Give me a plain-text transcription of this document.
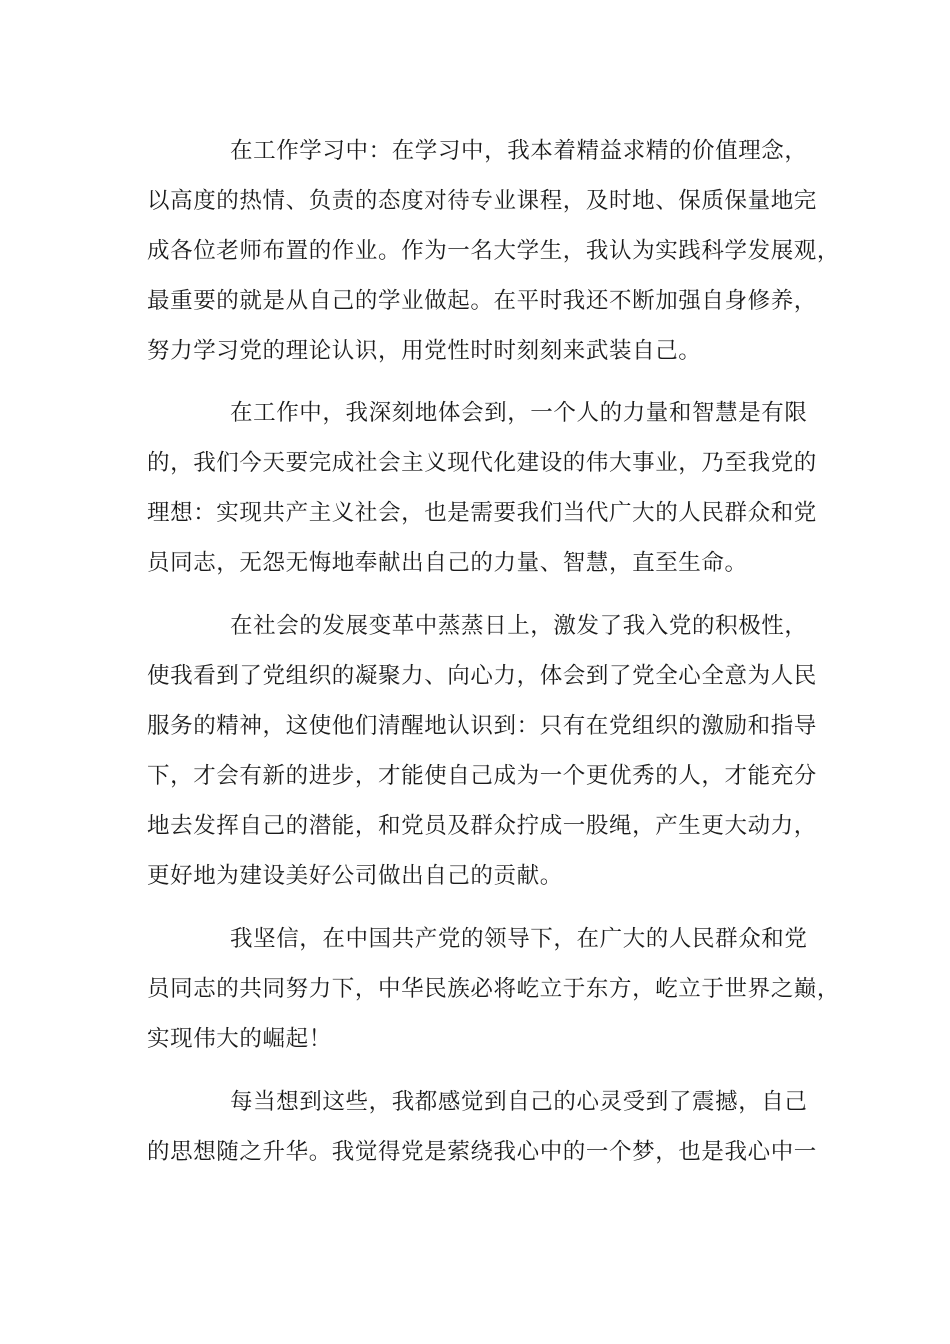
在工作学习中：在学习中，我本着精益求精的价值理念，
以高度的热情、负责的态度对待专业课程，及时地、保质保量地完
成各位老师布置的作业。作为一名大学生，我认为实践科学发展观，
最重要的就是从自己的学业做起。在平时我还不断加强自身修养，
努力学习党的理论认识，用党性时时刻刻来武装自己。
在工作中，我深刻地体会到，一个人的力量和智慧是有限
的，我们今天要完成社会主义现代化建设的伟大事业，乃至我党的
理想：实现共产主义社会，也是需要我们当代广大的人民群众和党
员同志，无怨无悔地奉献出自己的力量、智慧，直至生命。
在社会的发展变革中蒸蒸日上，激发了我入党的积极性，
使我看到了党组织的凝聚力、向心力，体会到了党全心全意为人民
服务的精神，这使他们清醒地认识到：只有在党组织的激励和指导
下，才会有新的进步，才能使自己成为一个更优秀的人，才能充分
地去发挥自己的潜能，和党员及群众拧成一股绳，产生更大动力，
更好地为建设美好公司做出自己的贡献。
我坚信，在中国共产党的领导下，在广大的人民群众和党
员同志的共同努力下，中华民族必将屹立于东方，屹立于世界之巅，
实现伟大的崛起！
每当想到这些，我都感觉到自己的心灵受到了震撼，自己
的思想随之升华。我觉得党是萦绕我心中的一个梦，也是我心中一
